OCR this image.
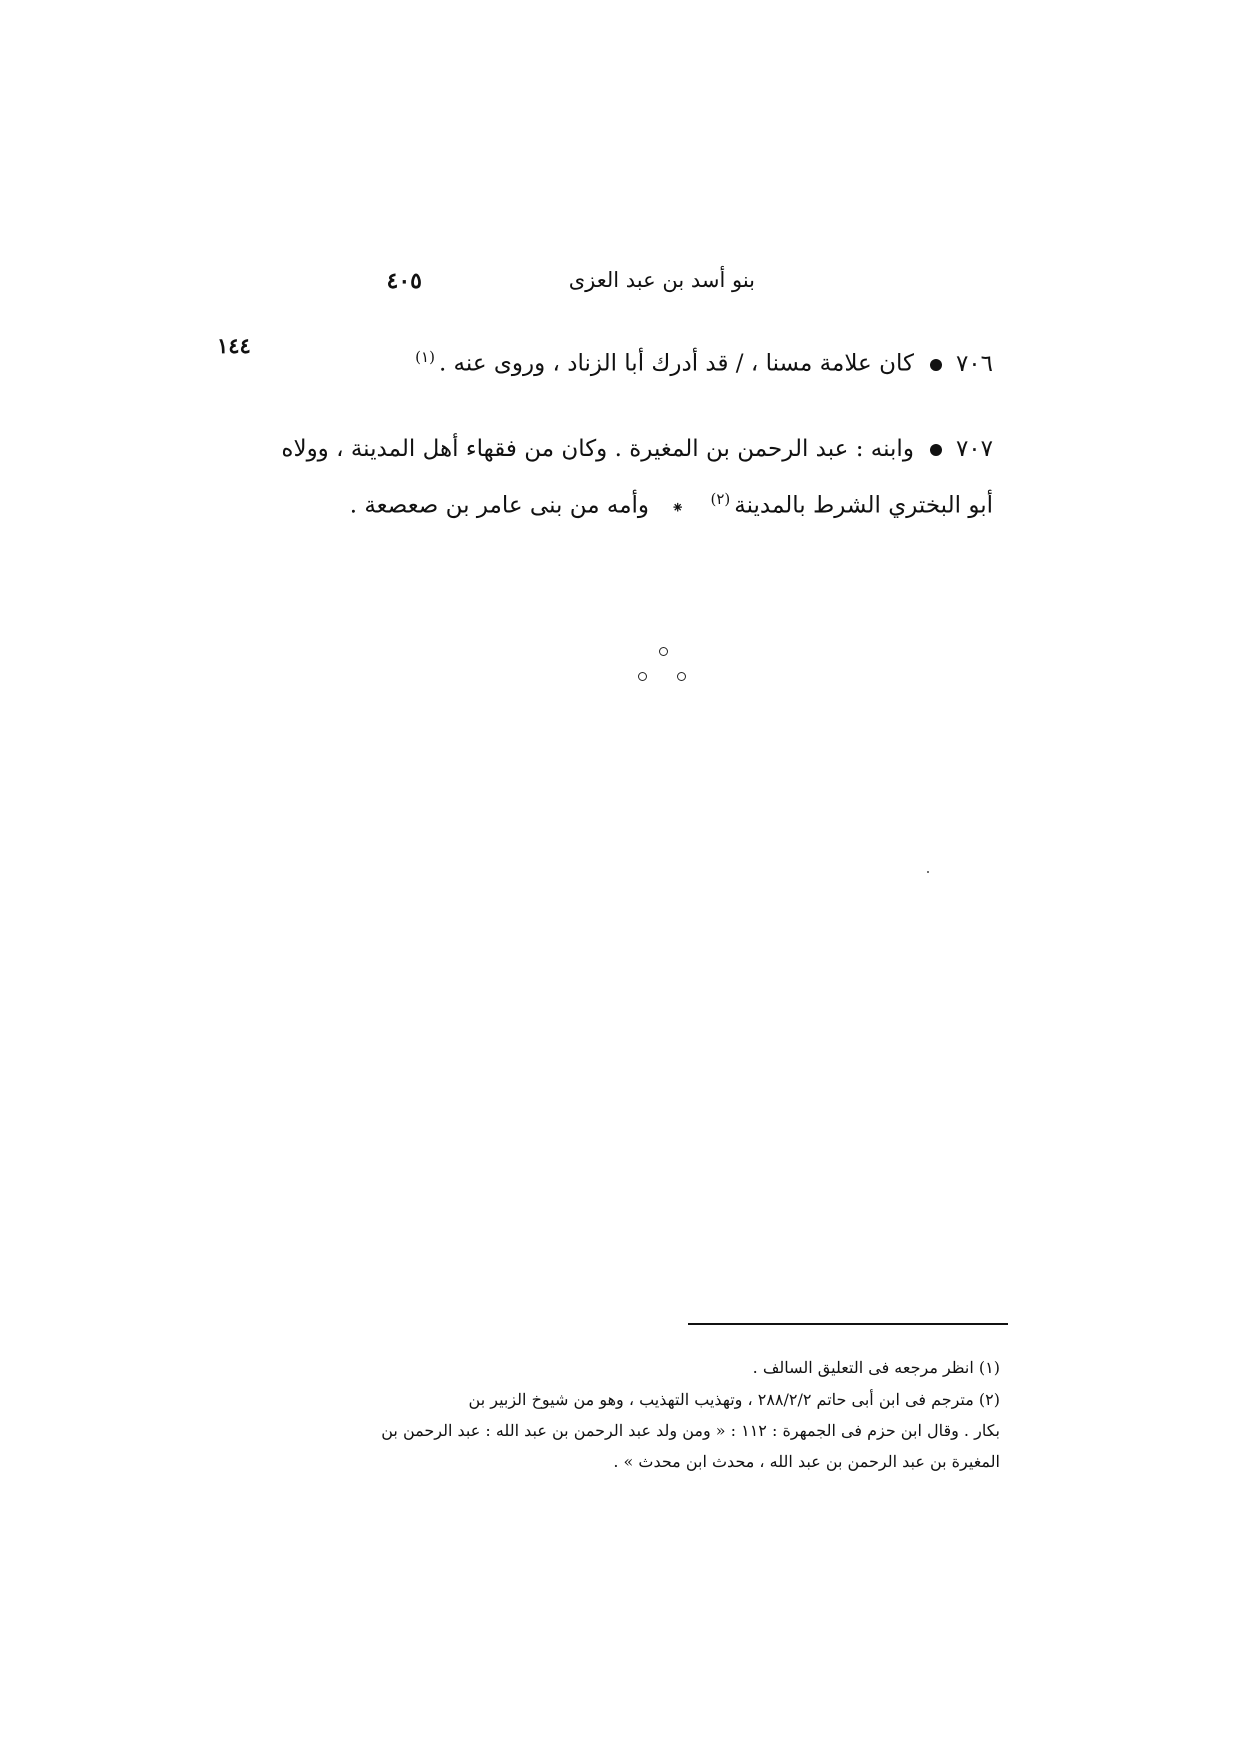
بنو أسد بن عبد العزى
٤٠٥
١٤٤
٧٠٦كان علامة مسنا ، / قد أدرك أبا الزناد ، وروى عنه .$^{(١)}$
٧٠٧وابنه : عبد الرحمن بن المغيرة . وكان من فقهاء أهل المدينة ، وولاه
أبو البختري الشرط بالمدينة$^{(٢)}$⁕وأمه من بنى عامر بن صعصعة .
(١) انظر مرجعه فى التعليق السالف .
(٢) مترجم فى ابن أبى حاتم ٢٨٨/٢/٢ ، وتهذيب التهذيب ، وهو من شيوخ الزبير بن
بكار . وقال ابن حزم فى الجمهرة : ١١٢ : « ومن ولد عبد الرحمن بن عبد الله : عبد الرحمن بن
المغيرة بن عبد الرحمن بن عبد الله ، محدث ابن محدث » .
